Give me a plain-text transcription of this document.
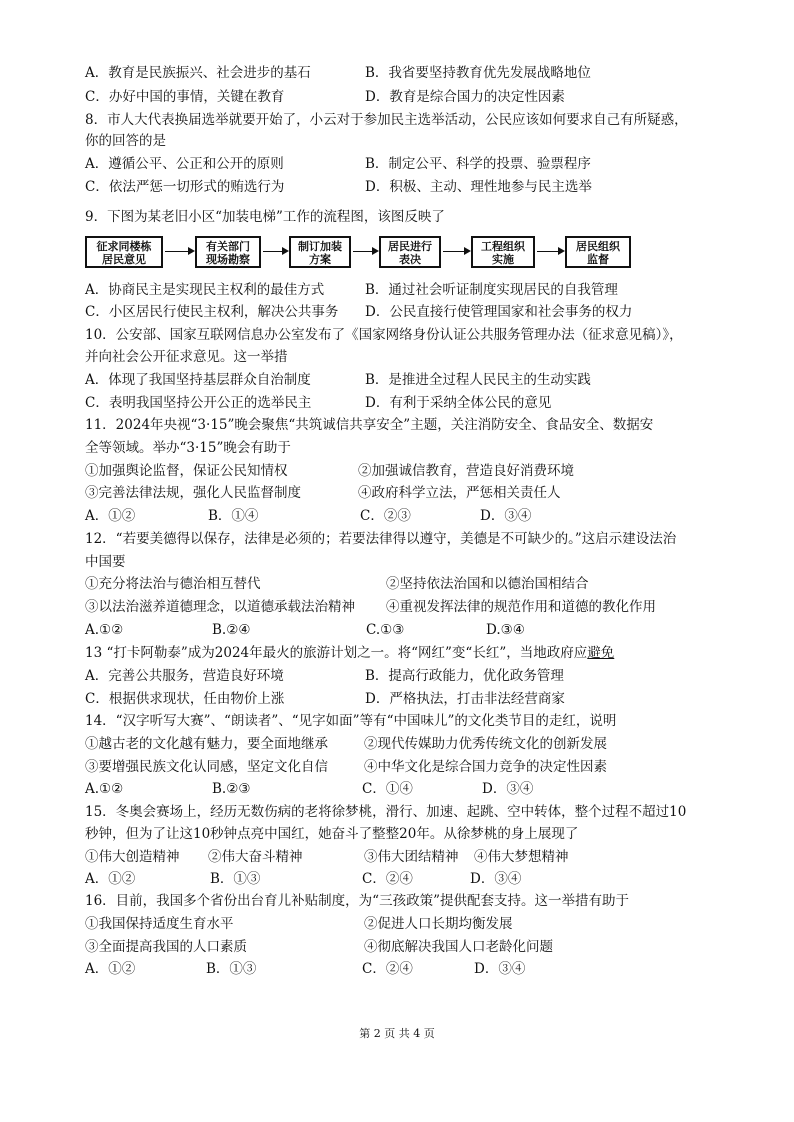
A．教育是民族振兴、社会进步的基石	B．我省要坚持教育优先发展战略地位
C．办好中国的事情，关键在教育	D．教育是综合国力的决定性因素
8．市人大代表换届选举就要开始了，小云对于参加民主选举活动，公民应该如何要求自己有所疑惑，
你的回答的是
A．遵循公平、公正和公开的原则	B．制定公平、科学的投票、验票程序
C．依法严惩一切形式的贿选行为	D．积极、主动、理性地参与民主选举
9．下图为某老旧小区“加装电梯”工作的流程图，该图反映了
征求同楼栋
居民意见
有关部门
现场勘察
制订加装
方案
居民进行
表决
工程组织
实施
居民组织
监督
A．协商民主是实现民主权利的最佳方式	B．通过社会听证制度实现居民的自我管理
C．小区居民行使民主权利，解决公共事务 D．公民直接行使管理国家和社会事务的权力
10．公安部、国家互联网信息办公室发布了《国家网络身份认证公共服务管理办法（征求意见稿）》，
并向社会公开征求意见。这一举措
A．体现了我国坚持基层群众自治制度	B．是推进全过程人民民主的生动实践
C．表明我国坚持公开公正的选举民主	D．有利于采纳全体公民的意见
11．2024年央视“3·15”晚会聚焦“共筑诚信共享安全”主题，关注消防安全、食品安全、数据安
全等领域。举办“3·15”晚会有助于
①加强舆论监督，保证公民知情权	②加强诚信教育，营造良好消费环境
③完善法律法规，强化人民监督制度	④政府科学立法，严惩相关责任人
A．①②	B．①④	C．②③	D．③④
12．“若要美德得以保存，法律是必须的；若要法律得以遵守，美德是不可缺少的。”这启示建设法治
中国要
①充分将法治与德治相互替代	②坚持依法治国和以德治国相结合
③以法治滋养道德理念，以道德承载法治精神 ④重视发挥法律的规范作用和道德的教化作用
A.①②	B.②④	C.①③	D.③④
13 “打卡阿勒泰”成为2024年最火的旅游计划之一。将“网红”变“长红”，当地政府应避免
A．完善公共服务，营造良好环境	B．提高行政能力，优化政务管理
C．根据供求现状，任由物价上涨	D．严格执法，打击非法经营商家
14．“汉字听写大赛”、“朗读者”、“见字如面”等有“中国味儿”的文化类节目的走红，说明
①越古老的文化越有魅力，要全面地继承	②现代传媒助力优秀传统文化的创新发展
③要增强民族文化认同感，坚定文化自信	④中华文化是综合国力竞争的决定性因素
A.①②	B.②③	C．①④	D．③④
15．冬奥会赛场上，经历无数伤病的老将徐梦桃，滑行、加速、起跳、空中转体，整个过程不超过10
秒钟，但为了让这10秒钟点亮中国红，她奋斗了整整20年。从徐梦桃的身上展现了
①伟大创造精神 ②伟大奋斗精神	③伟大团结精神 ④伟大梦想精神
A．①②	B．①③	C．②④	D．③④
16．目前，我国多个省份出台育儿补贴制度，为“三孩政策”提供配套支持。这一举措有助于
①我国保持适度生育水平	②促进人口长期均衡发展
③全面提高我国的人口素质	④彻底解决我国人口老龄化问题
A．①②	B．①③	C．②④	D．③④
第 2 页 共 4 页
